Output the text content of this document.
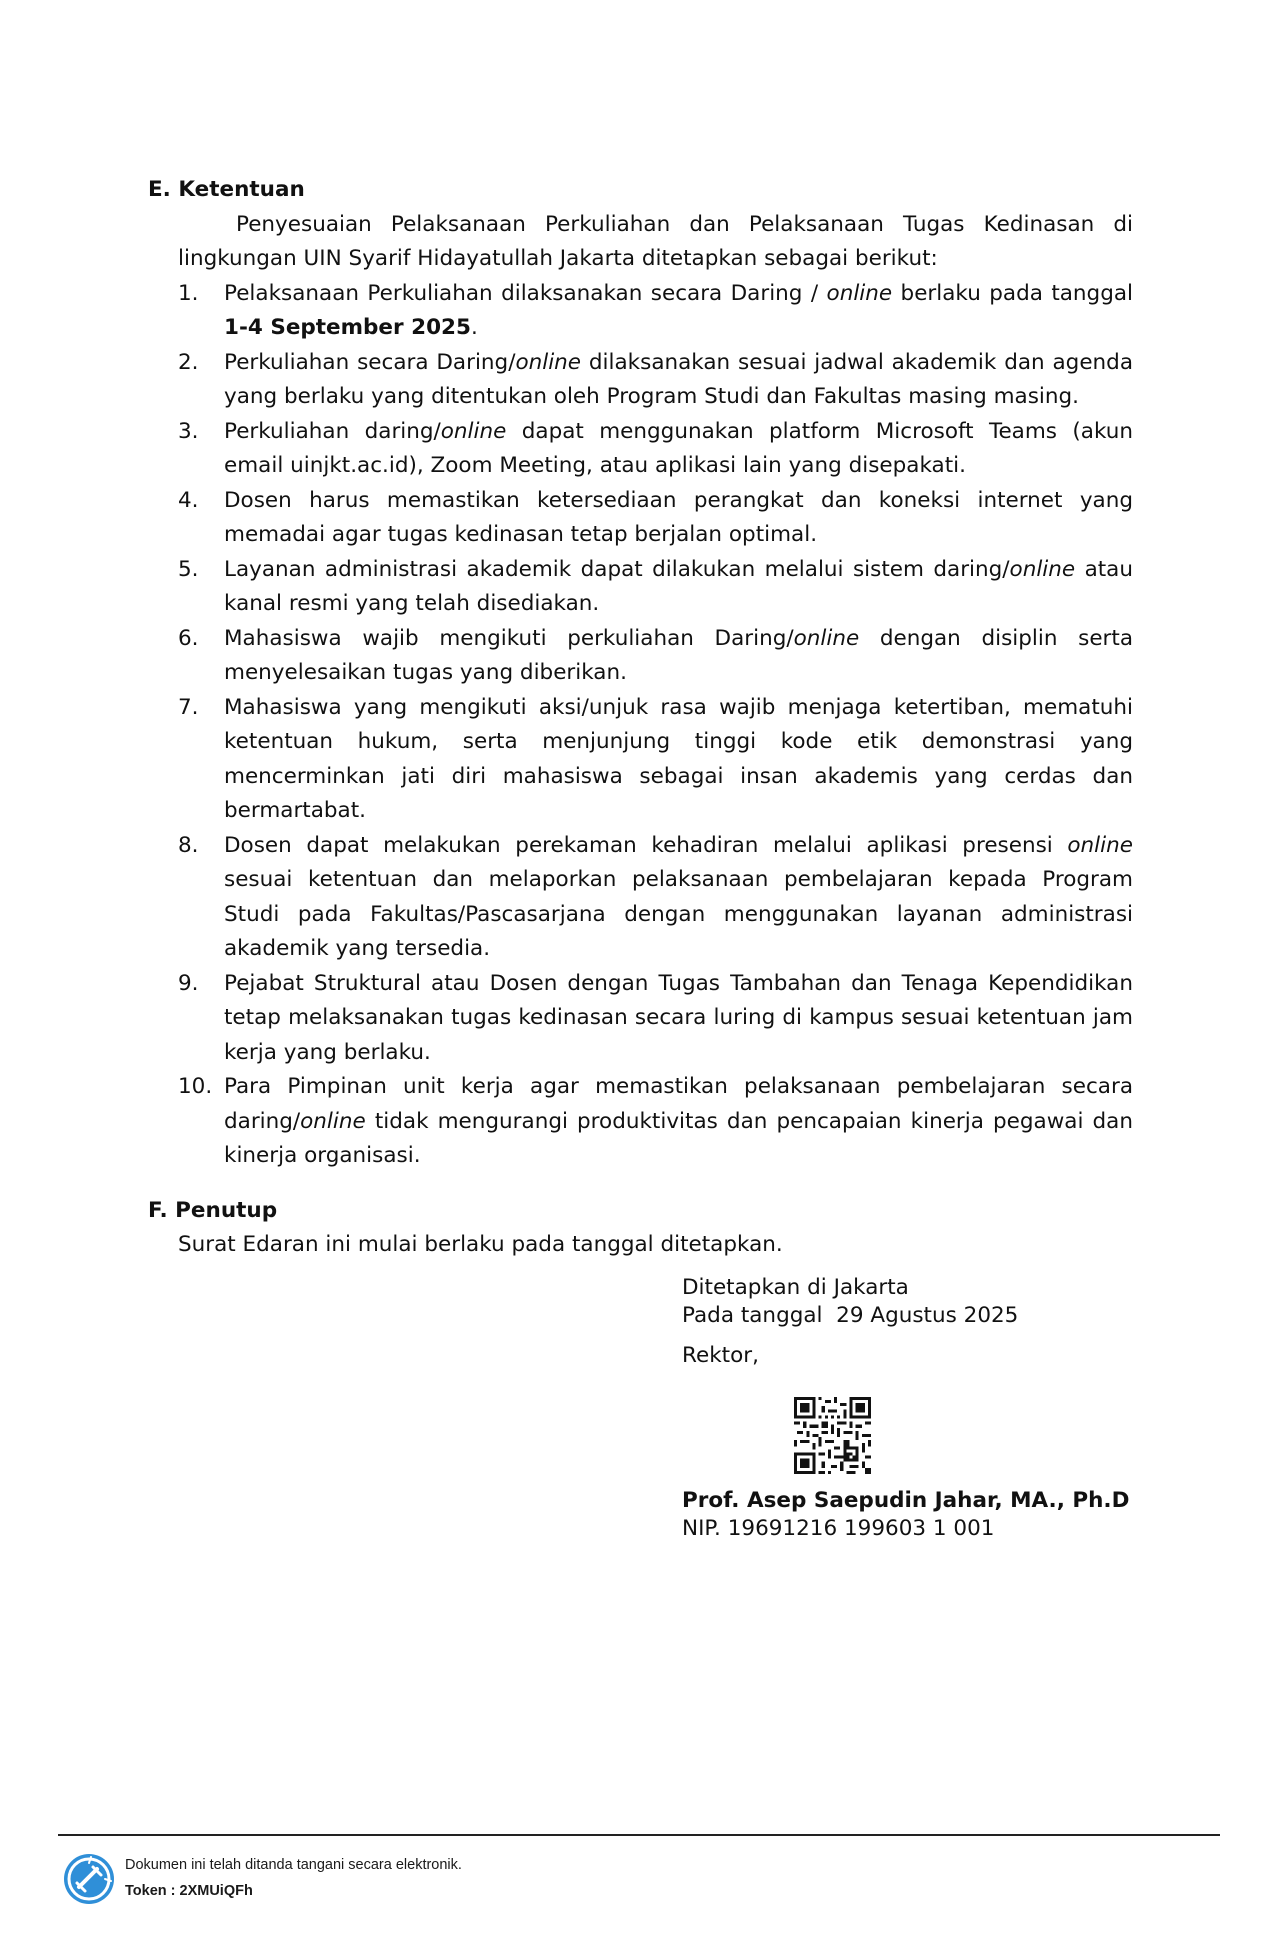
E. Ketentuan
Penyesuaian Pelaksanaan Perkuliahan dan Pelaksanaan Tugas Kedinasan di lingkungan UIN Syarif Hidayatullah Jakarta ditetapkan sebagai berikut:
1. Pelaksanaan Perkuliahan dilaksanakan secara Daring / online berlaku pada tanggal 1-4 September 2025.
2. Perkuliahan secara Daring/online dilaksanakan sesuai jadwal akademik dan agenda yang berlaku yang ditentukan oleh Program Studi dan Fakultas masing masing.
3. Perkuliahan daring/online dapat menggunakan platform Microsoft Teams (akun email uinjkt.ac.id), Zoom Meeting, atau aplikasi lain yang disepakati.
4. Dosen harus memastikan ketersediaan perangkat dan koneksi internet yang memadai agar tugas kedinasan tetap berjalan optimal.
5. Layanan administrasi akademik dapat dilakukan melalui sistem daring/online atau kanal resmi yang telah disediakan.
6. Mahasiswa wajib mengikuti perkuliahan Daring/online dengan disiplin serta menyelesaikan tugas yang diberikan.
7. Mahasiswa yang mengikuti aksi/unjuk rasa wajib menjaga ketertiban, mematuhi ketentuan hukum, serta menjunjung tinggi kode etik demonstrasi yang mencerminkan jati diri mahasiswa sebagai insan akademis yang cerdas dan bermartabat.
8. Dosen dapat melakukan perekaman kehadiran melalui aplikasi presensi online sesuai ketentuan dan melaporkan pelaksanaan pembelajaran kepada Program Studi pada Fakultas/Pascasarjana dengan menggunakan layanan administrasi akademik yang tersedia.
9. Pejabat Struktural atau Dosen dengan Tugas Tambahan dan Tenaga Kependidikan tetap melaksanakan tugas kedinasan secara luring di kampus sesuai ketentuan jam kerja yang berlaku.
10. Para Pimpinan unit kerja agar memastikan pelaksanaan pembelajaran secara daring/online tidak mengurangi produktivitas dan pencapaian kinerja pegawai dan kinerja organisasi.
F. Penutup
Surat Edaran ini mulai berlaku pada tanggal ditetapkan.
Ditetapkan di Jakarta
Pada tanggal  29 Agustus 2025
Rektor,
Prof. Asep Saepudin Jahar, MA., Ph.D
NIP. 19691216 199603 1 001
Dokumen ini telah ditanda tangani secara elektronik.
Token : 2XMUiQFh
